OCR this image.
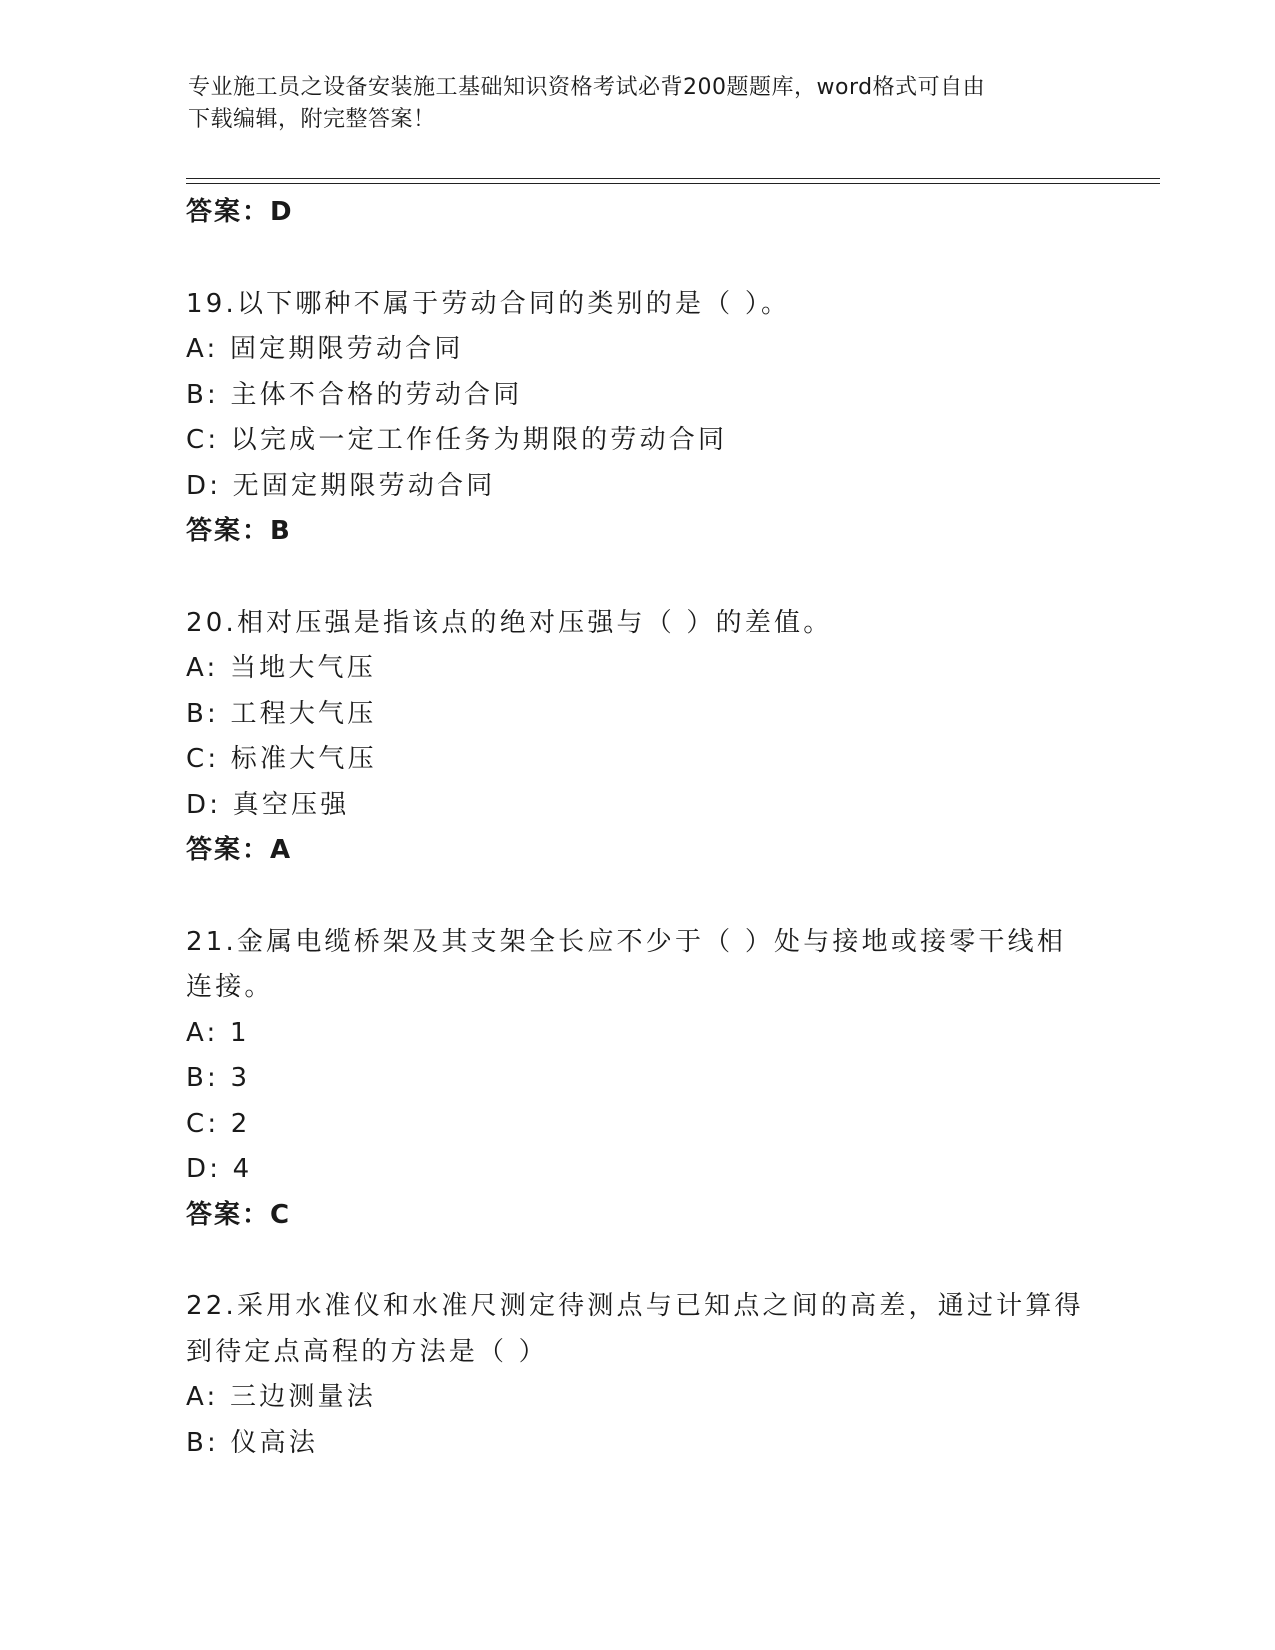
专业施工员之设备安装施工基础知识资格考试必背200题题库，word格式可自由
下载编辑，附完整答案！
答案：D
19.以下哪种不属于劳动合同的类别的是（ ）。
A: 固定期限劳动合同
B: 主体不合格的劳动合同
C: 以完成一定工作任务为期限的劳动合同
D: 无固定期限劳动合同
答案：B
20.相对压强是指该点的绝对压强与（ ）的差值。
A: 当地大气压
B: 工程大气压
C: 标准大气压
D: 真空压强
答案：A
21.金属电缆桥架及其支架全长应不少于（ ）处与接地或接零干线相
连接。
A: 1
B: 3
C: 2
D: 4
答案：C
22.采用水准仪和水准尺测定待测点与已知点之间的高差，通过计算得
到待定点高程的方法是（ ）
A: 三边测量法
B: 仪高法
